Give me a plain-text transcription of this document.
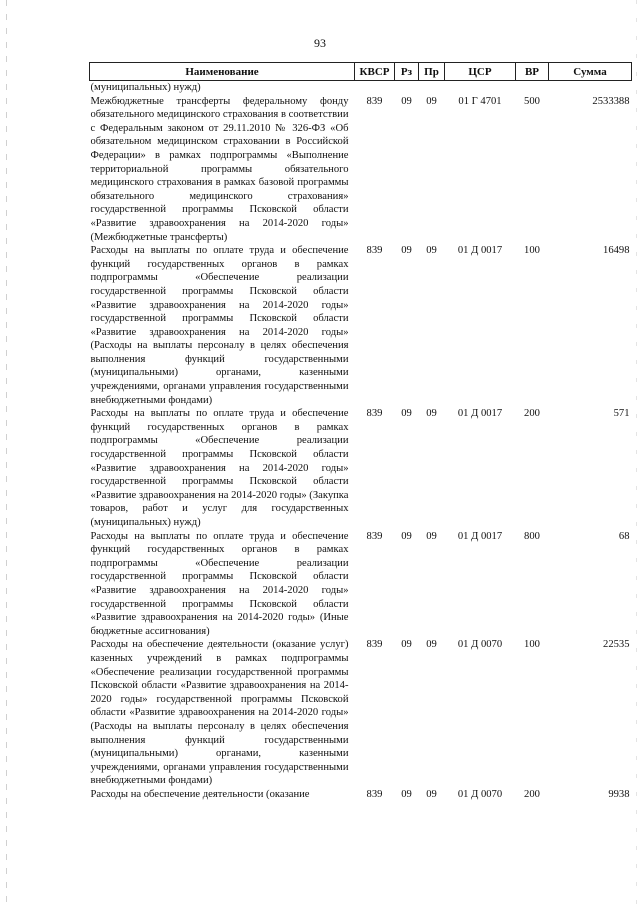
93
Наименование	КВСР	Рз	Пр	ЦСР	ВР	Сумма
(муниципальных) нужд)						
Межбюджетные трансферты федеральному фонду обязательного медицинского страхования в соответствии с Федеральным законом от 29.11.2010 № 326-ФЗ «Об обязательном медицинском страховании в Российской Федерации» в рамках подпрограммы «Выполнение территориальной программы обязательного медицинского страхования в рамках базовой программы обязательного медицинского страхования» государственной программы Псковской области «Развитие здравоохранения на 2014-2020 годы» (Межбюджетные трансферты)	839	09	09	01 Г 4701	500	2533388
Расходы на выплаты по оплате труда и обеспечение функций государственных органов в рамках подпрограммы «Обеспечение реализации государственной программы Псковской области «Развитие здравоохранения на 2014-2020 годы» государственной программы Псковской области «Развитие здравоохранения на 2014-2020 годы» (Расходы на выплаты персоналу в целях обеспечения выполнения функций государственными (муниципальными) органами, казенными учреждениями, органами управления государственными внебюджетными фондами)	839	09	09	01 Д 0017	100	16498
Расходы на выплаты по оплате труда и обеспечение функций государственных органов в рамках подпрограммы «Обеспечение реализации государственной программы Псковской области «Развитие здравоохранения на 2014-2020 годы» государственной программы Псковской области «Развитие здравоохранения на 2014-2020 годы» (Закупка товаров, работ и услуг для государственных (муниципальных) нужд)	839	09	09	01 Д 0017	200	571
Расходы на выплаты по оплате труда и обеспечение функций государственных органов в рамках подпрограммы «Обеспечение реализации государственной программы Псковской области «Развитие здравоохранения на 2014-2020 годы» государственной программы Псковской области «Развитие здравоохранения на 2014-2020 годы» (Иные бюджетные ассигнования)	839	09	09	01 Д 0017	800	68
Расходы на обеспечение деятельности (оказание услуг) казенных учреждений в рамках подпрограммы «Обеспечение реализации государственной программы Псковской области «Развитие здравоохранения на 2014-2020 годы» государственной программы Псковской области «Развитие здравоохранения на 2014-2020 годы» (Расходы на выплаты персоналу в целях обеспечения выполнения функций государственными (муниципальными) органами, казенными учреждениями, органами управления государственными внебюджетными фондами)	839	09	09	01 Д 0070	100	22535
Расходы на обеспечение деятельности (оказание	839	09	09	01 Д 0070	200	9938
